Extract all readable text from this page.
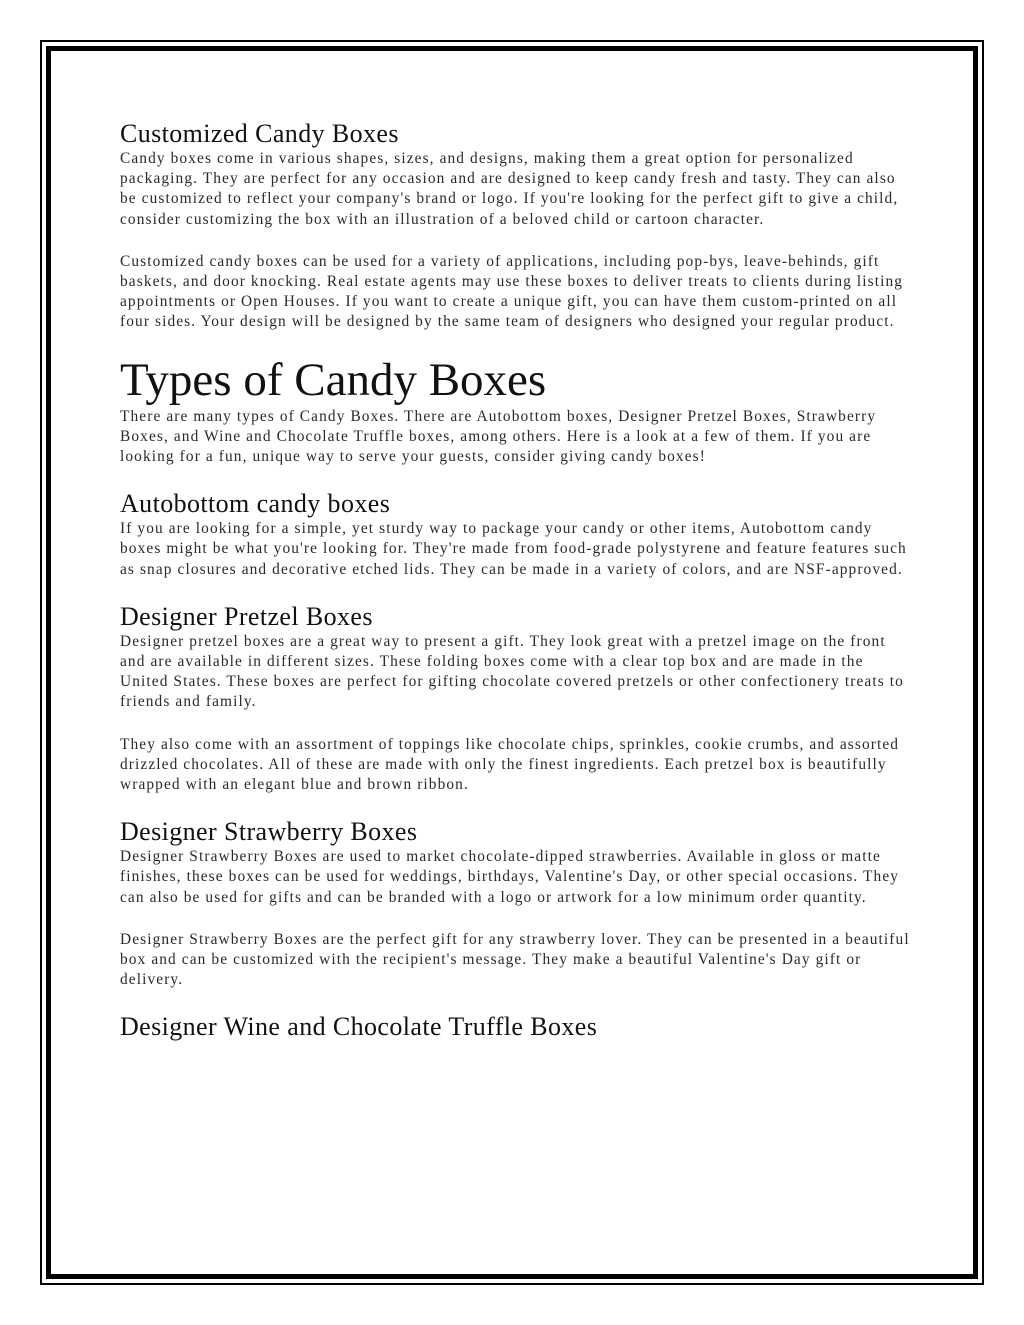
Customized Candy Boxes

Candy boxes come in various shapes, sizes, and designs, making them a great option for personalized packaging. They are perfect for any occasion and are designed to keep candy fresh and tasty. They can also be customized to reflect your company's brand or logo. If you're looking for the perfect gift to give a child, consider customizing the box with an illustration of a beloved child or cartoon character.

Customized candy boxes can be used for a variety of applications, including pop-bys, leave-behinds, gift baskets, and door knocking. Real estate agents may use these boxes to deliver treats to clients during listing appointments or Open Houses. If you want to create a unique gift, you can have them custom-printed on all four sides. Your design will be designed by the same team of designers who designed your regular product.

Types of Candy Boxes

There are many types of Candy Boxes. There are Autobottom boxes, Designer Pretzel Boxes, Strawberry Boxes, and Wine and Chocolate Truffle boxes, among others. Here is a look at a few of them. If you are looking for a fun, unique way to serve your guests, consider giving candy boxes!

Autobottom candy boxes

If you are looking for a simple, yet sturdy way to package your candy or other items, Autobottom candy boxes might be what you're looking for. They're made from food-grade polystyrene and feature features such as snap closures and decorative etched lids. They can be made in a variety of colors, and are NSF-approved.

Designer Pretzel Boxes

Designer pretzel boxes are a great way to present a gift. They look great with a pretzel image on the front and are available in different sizes. These folding boxes come with a clear top box and are made in the United States. These boxes are perfect for gifting chocolate covered pretzels or other confectionery treats to friends and family.

They also come with an assortment of toppings like chocolate chips, sprinkles, cookie crumbs, and assorted drizzled chocolates. All of these are made with only the finest ingredients. Each pretzel box is beautifully wrapped with an elegant blue and brown ribbon.

Designer Strawberry Boxes

Designer Strawberry Boxes are used to market chocolate-dipped strawberries. Available in gloss or matte finishes, these boxes can be used for weddings, birthdays, Valentine's Day, or other special occasions. They can also be used for gifts and can be branded with a logo or artwork for a low minimum order quantity.

Designer Strawberry Boxes are the perfect gift for any strawberry lover. They can be presented in a beautiful box and can be customized with the recipient's message. They make a beautiful Valentine's Day gift or delivery.

Designer Wine and Chocolate Truffle Boxes
